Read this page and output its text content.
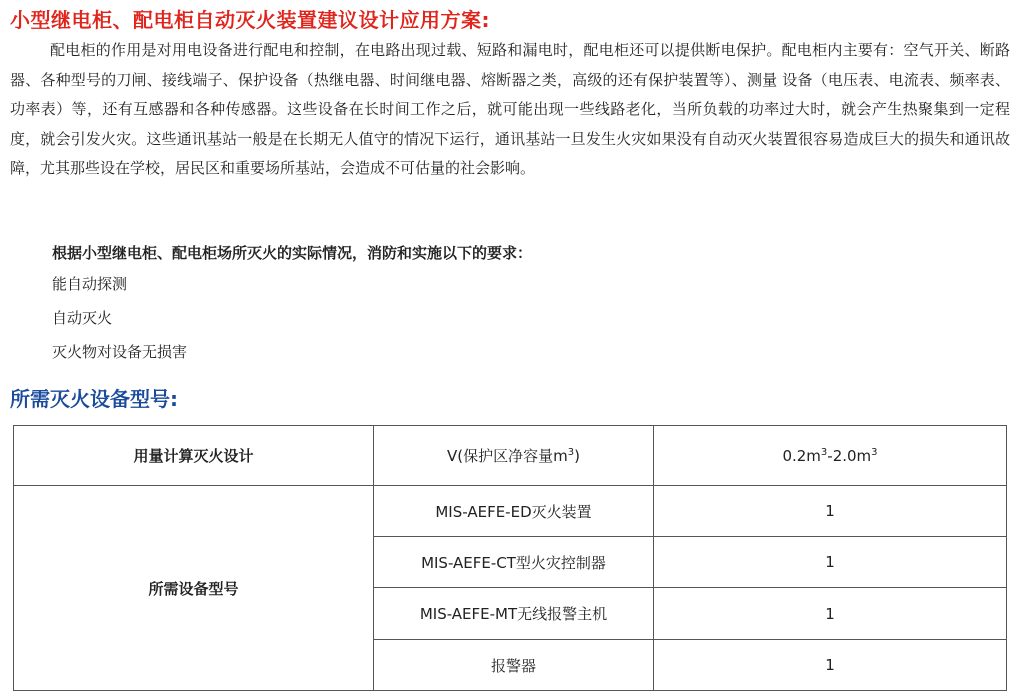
小型继电柜、配电柜自动灭火装置建议设计应用方案:

配电柜的作用是对用电设备进行配电和控制，在电路出现过载、短路和漏电时，配电柜还可以提供断电保护。配电柜内主要有：空气开关、断路器、各种型号的刀闸、接线端子、保护设备（热继电器、时间继电器、熔断器之类，高级的还有保护装置等）、测量 设备（电压表、电流表、频率表、功率表）等，还有互感器和各种传感器。这些设备在长时间工作之后，就可能出现一些线路老化，当所负载的功率过大时，就会产生热聚集到一定程度，就会引发火灾。这些通讯基站一般是在长期无人值守的情况下运行，通讯基站一旦发生火灾如果没有自动灭火装置很容易造成巨大的损失和通讯故障，尤其那些设在学校，居民区和重要场所基站，会造成不可估量的社会影响。

根据小型继电柜、配电柜场所灭火的实际情况，消防和实施以下的要求：
能自动探测
自动灭火
灭火物对设备无损害
所需灭火设备型号:
用量计算灭火设计	V(保护区净容量$m^3$)	$0.2m^3-2.0m^3$
所需设备型号	MIS-AEFE-ED灭火装置	1
	MIS-AEFE-CT型火灾控制器	1
	MIS-AEFE-MT无线报警主机	1
	报警器	1
